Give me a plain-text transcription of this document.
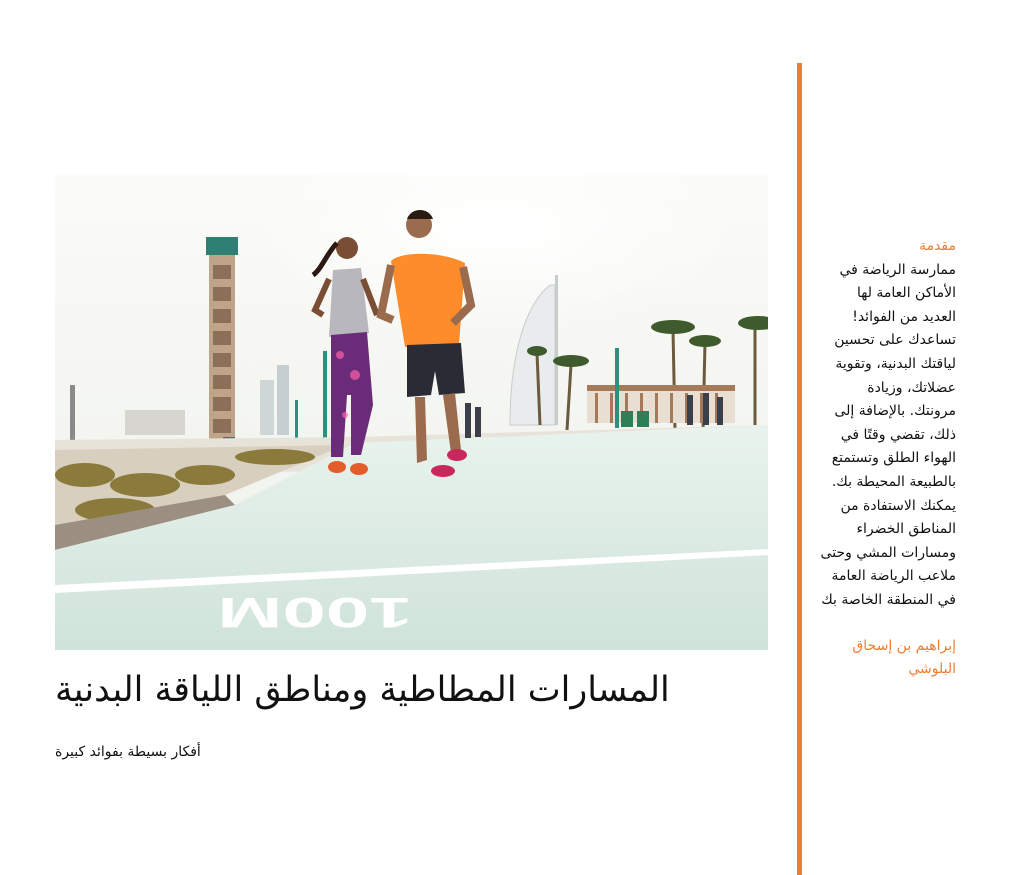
100M
المسارات المطاطية ومناطق اللياقة البدنية
أفكار بسيطة بفوائد كبيرة
مقدمة
ممارسة الرياضة في الأماكن العامة لها العديد من الفوائد! تساعدك على تحسين لياقتك البدنية، وتقوية عضلاتك، وزيادة مرونتك. بالإضافة إلى ذلك، تقضي وقتًا في الهواء الطلق وتستمتع بالطبيعة المحيطة بك. يمكنك الاستفادة من المناطق الخضراء ومسارات المشي وحتى ملاعب الرياضة العامة في المنطقة الخاصة بك
إبراهيم بن إسحاق البلوشي
